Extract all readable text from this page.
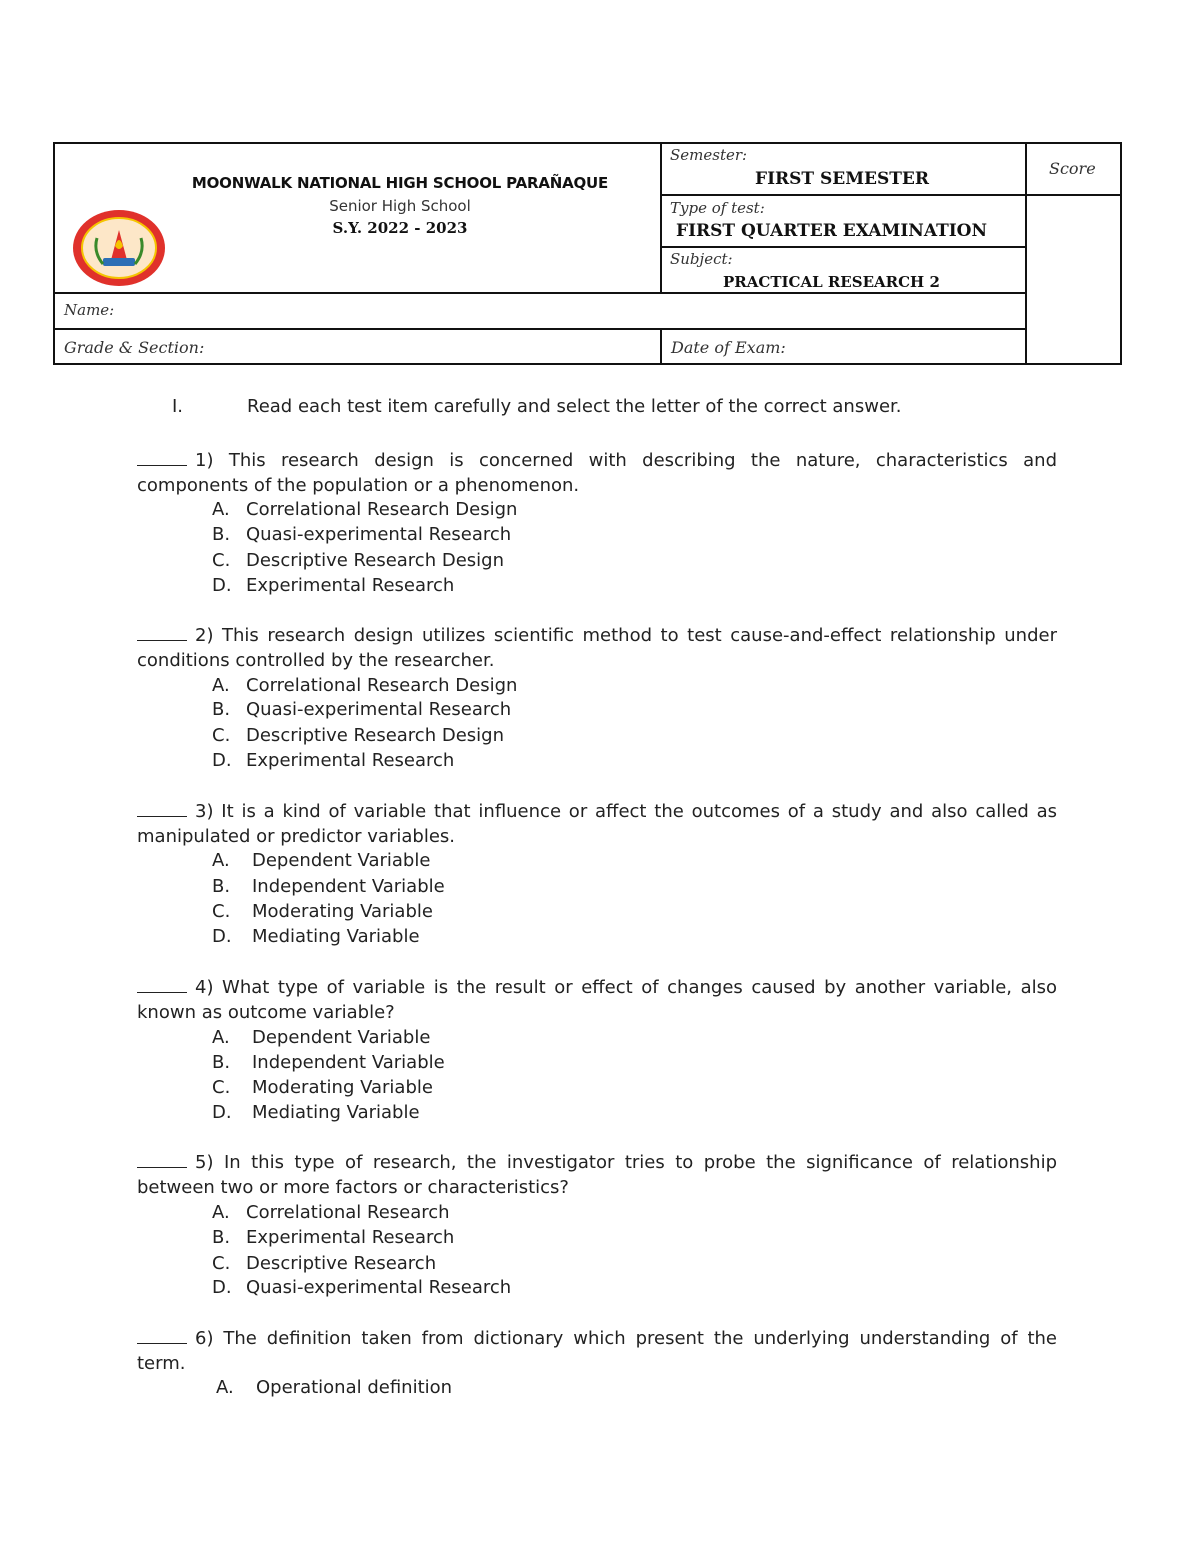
MOONWALK NATIONAL HIGH SCHOOL PARAÑAQUE
Senior High School
S.Y. 2022 - 2023
Semester:
FIRST SEMESTER
Type of test:
FIRST QUARTER EXAMINATION
Subject:
PRACTICAL RESEARCH 2
Score
Name:
Grade & Section:	Date of Exam:
I.	Read each test item carefully and select the letter of the correct answer.
1) This research design is concerned with describing the nature, characteristics and components of the population or a phenomenon.
A. Correlational Research Design
B. Quasi-experimental Research
C. Descriptive Research Design
D. Experimental Research
2) This research design utilizes scientific method to test cause-and-effect relationship under conditions controlled by the researcher.
A. Correlational Research Design
B. Quasi-experimental Research
C. Descriptive Research Design
D. Experimental Research
3) It is a kind of variable that influence or affect the outcomes of a study and also called as manipulated or predictor variables.
A. Dependent Variable
B. Independent Variable
C. Moderating Variable
D. Mediating Variable
4) What type of variable is the result or effect of changes caused by another variable, also known as outcome variable?
A. Dependent Variable
B. Independent Variable
C. Moderating Variable
D. Mediating Variable
5) In this type of research, the investigator tries to probe the significance of relationship between two or more factors or characteristics?
A. Correlational Research
B. Experimental Research
C. Descriptive Research
D. Quasi-experimental Research
6) The definition taken from dictionary which present the underlying understanding of the term.
A. Operational definition
